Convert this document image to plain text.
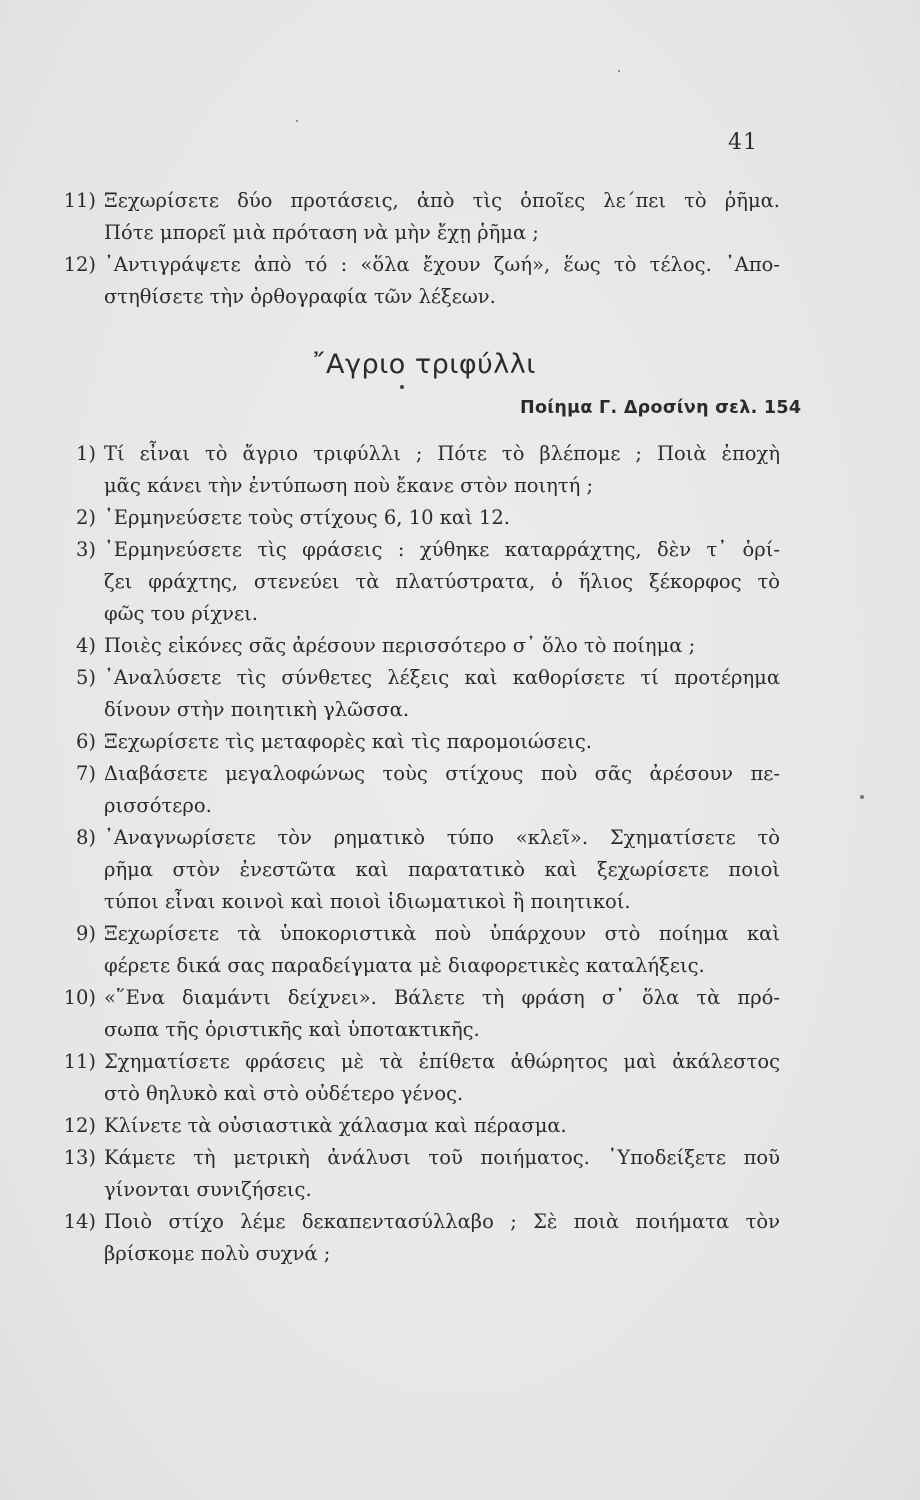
41
11) Ξεχωρίσετε δύο προτάσεις, ἀπὸ τὶς ὁποῖες λε΄πει τὸ ῥῆμα.
Πότε μπορεῖ μιὰ πρόταση νὰ μὴν ἔχῃ ῥῆμα ;
12) ᾿Αντιγράψετε ἀπὸ τό : «ὅλα ἔχουν ζωή», ἕως τὸ τέλος. ᾿Απο-
στηθίσετε τὴν ὀρθογραφία τῶν λέξεων.
῎Αγριο τριφύλλι
Ποίημα Γ. Δροσίνη σελ. 154
1) Τί εἶναι τὸ ἄγριο τριφύλλι ; Πότε τὸ βλέπομε ; Ποιὰ ἐποχὴ
μᾶς κάνει τὴν ἐντύπωση ποὺ ἔκανε στὸν ποιητή ;
2) ῾Ερμηνεύσετε τοὺς στίχους 6, 10 καὶ 12.
3) ῾Ερμηνεύσετε τὶς φράσεις : χύθηκε καταρράχτης, δὲν τ᾿ ὁρί-
ζει φράχτης, στενεύει τὰ πλατύστρατα, ὁ ἥλιος ξέκορφος τὸ
φῶς του ρίχνει.
4) Ποιὲς εἰκόνες σᾶς ἀρέσουν περισσότερο σ᾿ ὅλο τὸ ποίημα ;
5) ᾿Αναλύσετε τὶς σύνθετες λέξεις καὶ καθορίσετε τί προτέρημα
δίνουν στὴν ποιητικὴ γλῶσσα.
6) Ξεχωρίσετε τὶς μεταφορὲς καὶ τὶς παρομοιώσεις.
7) Διαβάσετε μεγαλοφώνως τοὺς στίχους ποὺ σᾶς ἀρέσουν πε-
ρισσότερο.
8) ᾿Αναγνωρίσετε τὸν ρηματικὸ τύπο «κλεῖ». Σχηματίσετε τὸ
ρῆμα στὸν ἐνεστῶτα καὶ παρατατικὸ καὶ ξεχωρίσετε ποιοὶ
τύποι εἶναι κοινοὶ καὶ ποιοὶ ἰδιωματικοὶ ἢ ποιητικοί.
9) Ξεχωρίσετε τὰ ὑποκοριστικὰ ποὺ ὑπάρχουν στὸ ποίημα καὶ
φέρετε δικά σας παραδείγματα μὲ διαφορετικὲς καταλήξεις.
10) «῞Ενα διαμάντι δείχνει». Βάλετε τὴ φράση σ᾿ ὅλα τὰ πρό-
σωπα τῆς ὁριστικῆς καὶ ὑποτακτικῆς.
11) Σχηματίσετε φράσεις μὲ τὰ ἐπίθετα ἀθώρητος μαὶ ἀκάλεστος
στὸ θηλυκὸ καὶ στὸ οὐδέτερο γένος.
12) Κλίνετε τὰ οὐσιαστικὰ χάλασμα καὶ πέρασμα.
13) Κάμετε τὴ μετρικὴ ἀνάλυσι τοῦ ποιήματος. ῾Υποδείξετε ποῦ
γίνονται συνιζήσεις.
14) Ποιὸ στίχο λέμε δεκαπεντασύλλαβο ; Σὲ ποιὰ ποιήματα τὸν
βρίσκομε πολὺ συχνά ;
